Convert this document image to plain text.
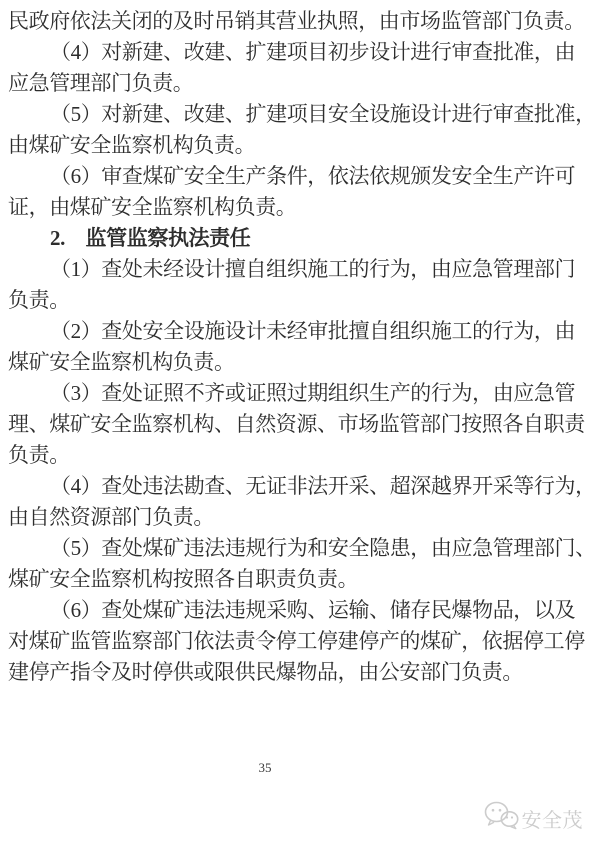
民政府依法关闭的及时吊销其营业执照，由市场监管部门负责。
（4）对新建、改建、扩建项目初步设计进行审查批准，由
应急管理部门负责。
（5）对新建、改建、扩建项目安全设施设计进行审查批准，
由煤矿安全监察机构负责。
（6）审查煤矿安全生产条件，依法依规颁发安全生产许可
证，由煤矿安全监察机构负责。
2.　监管监察执法责任
（1）查处未经设计擅自组织施工的行为，由应急管理部门
负责。
（2）查处安全设施设计未经审批擅自组织施工的行为，由
煤矿安全监察机构负责。
（3）查处证照不齐或证照过期组织生产的行为，由应急管
理、煤矿安全监察机构、自然资源、市场监管部门按照各自职责
负责。
（4）查处违法勘查、无证非法开采、超深越界开采等行为，
由自然资源部门负责。
（5）查处煤矿违法违规行为和安全隐患，由应急管理部门、
煤矿安全监察机构按照各自职责负责。
（6）查处煤矿违法违规采购、运输、储存民爆物品，以及
对煤矿监管监察部门依法责令停工停建停产的煤矿，依据停工停
建停产指令及时停供或限供民爆物品，由公安部门负责。
35
安全茂
